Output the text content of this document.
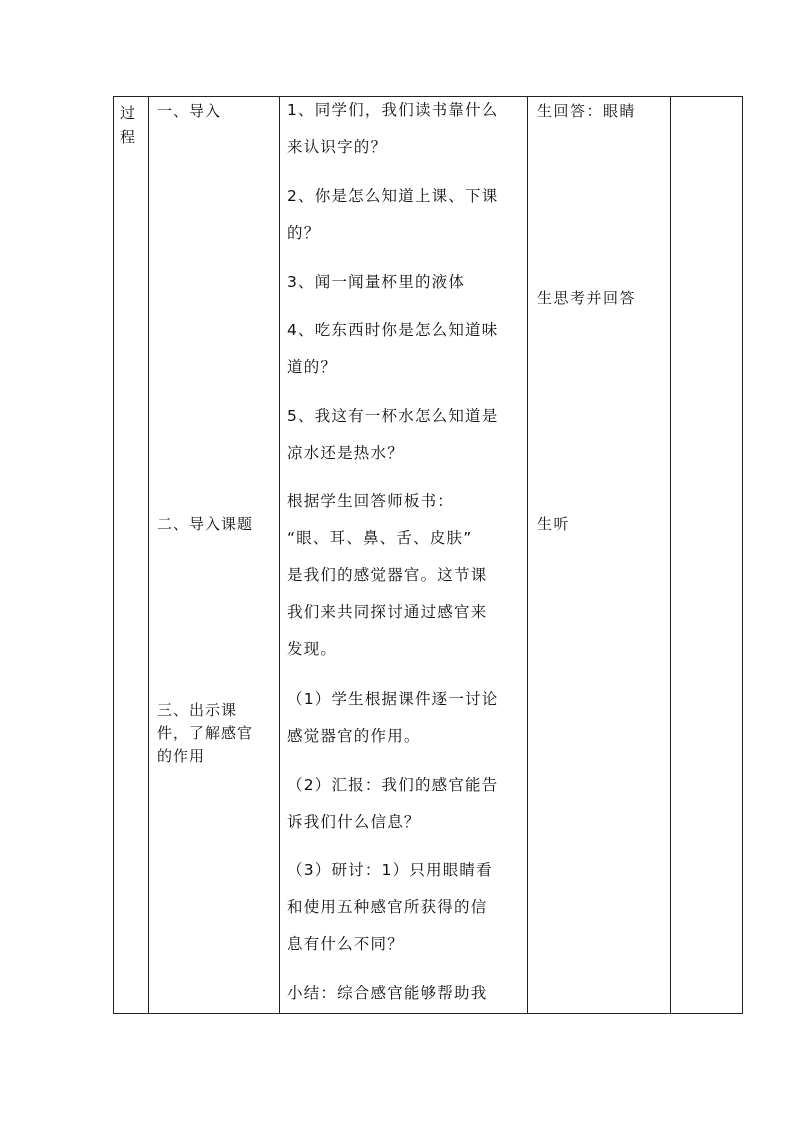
过
程
一、导入
二、导入课题
三、出示课
件，了解感官
的作用
1、同学们，我们读书靠什么
来认识字的？
2、你是怎么知道上课、下课
的？
3、闻一闻量杯里的液体
4、吃东西时你是怎么知道味
道的？
5、我这有一杯水怎么知道是
凉水还是热水？
根据学生回答师板书：
“眼、耳、鼻、舌、皮肤”
是我们的感觉器官。这节课
我们来共同探讨通过感官来
发现。
（1）学生根据课件逐一讨论
感觉器官的作用。
（2）汇报：我们的感官能告
诉我们什么信息？
（3）研讨：1）只用眼睛看
和使用五种感官所获得的信
息有什么不同？
小结：综合感官能够帮助我
生回答：眼睛
生思考并回答
生听
